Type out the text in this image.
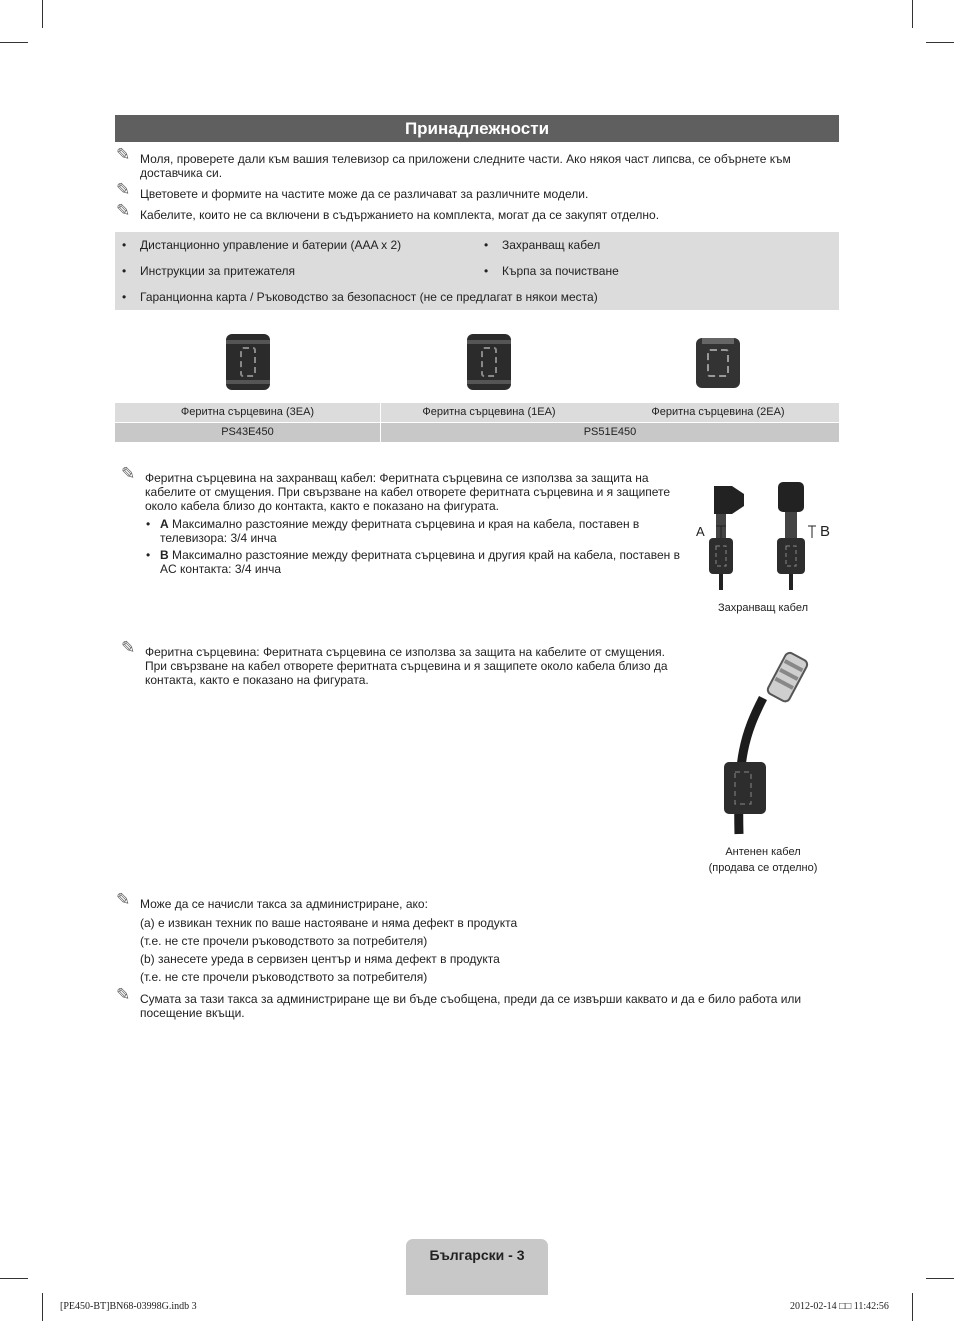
Принадлежности
✎ Моля, проверете дали към вашия телевизор са приложени следните части. Ако някоя част липсва, се обърнете към доставчика си.
✎ Цветовете и формите на частите може да се различават за различните модели.
✎ Кабелите, които не са включени в съдържанието на комплекта, могат да се закупят отделно.
• Дистанционно управление и батерии (AAA x 2)	• Захранващ кабел
• Инструкции за притежателя	• Кърпа за почистване
• Гаранционна карта / Ръководство за безопасност (не се предлагат в някои места)
Феритна сърцевина (3EA)	Феритна сърцевина (1EA)	Феритна сърцевина (2EA)
PS43E450	PS51E450
✎ Феритна сърцевина на захранващ кабел: Феритната сърцевина се използва за защита на кабелите от смущения. При свързване на кабел отворете феритната сърцевина и я защипете около кабела близо до контакта, както е показано на фигурата.
• A Максимално разстояние между феритната сърцевина и края на кабела, поставен в телевизора: 3/4 инча
• B Максимално разстояние между феритната сърцевина и другия край на кабела, поставен в AC контакта: 3/4 инча
A	B
Захранващ кабел
✎ Феритна сърцевина: Феритната сърцевина се използва за защита на кабелите от смущения. При свързване на кабел отворете феритната сърцевина и я защипете около кабела близо да контакта, както е показано на фигурата.
Антенен кабел
(продава се отделно)
✎ Може да се начисли такса за администриране, ако:
(a) е извикан техник по ваше настояване и няма дефект в продукта
(т.е. не сте прочели ръководството за потребителя)
(b) занесете уреда в сервизен център и няма дефект в продукта
(т.е. не сте прочели ръководството за потребителя)
✎ Сумата за тази такса за администриране ще ви бъде съобщена, преди да се извърши каквато и да е било работа или посещение вкъщи.
Български - 3
[PE450-BT]BN68-03998G.indb 3	2012-02-14 □□ 11:42:56
